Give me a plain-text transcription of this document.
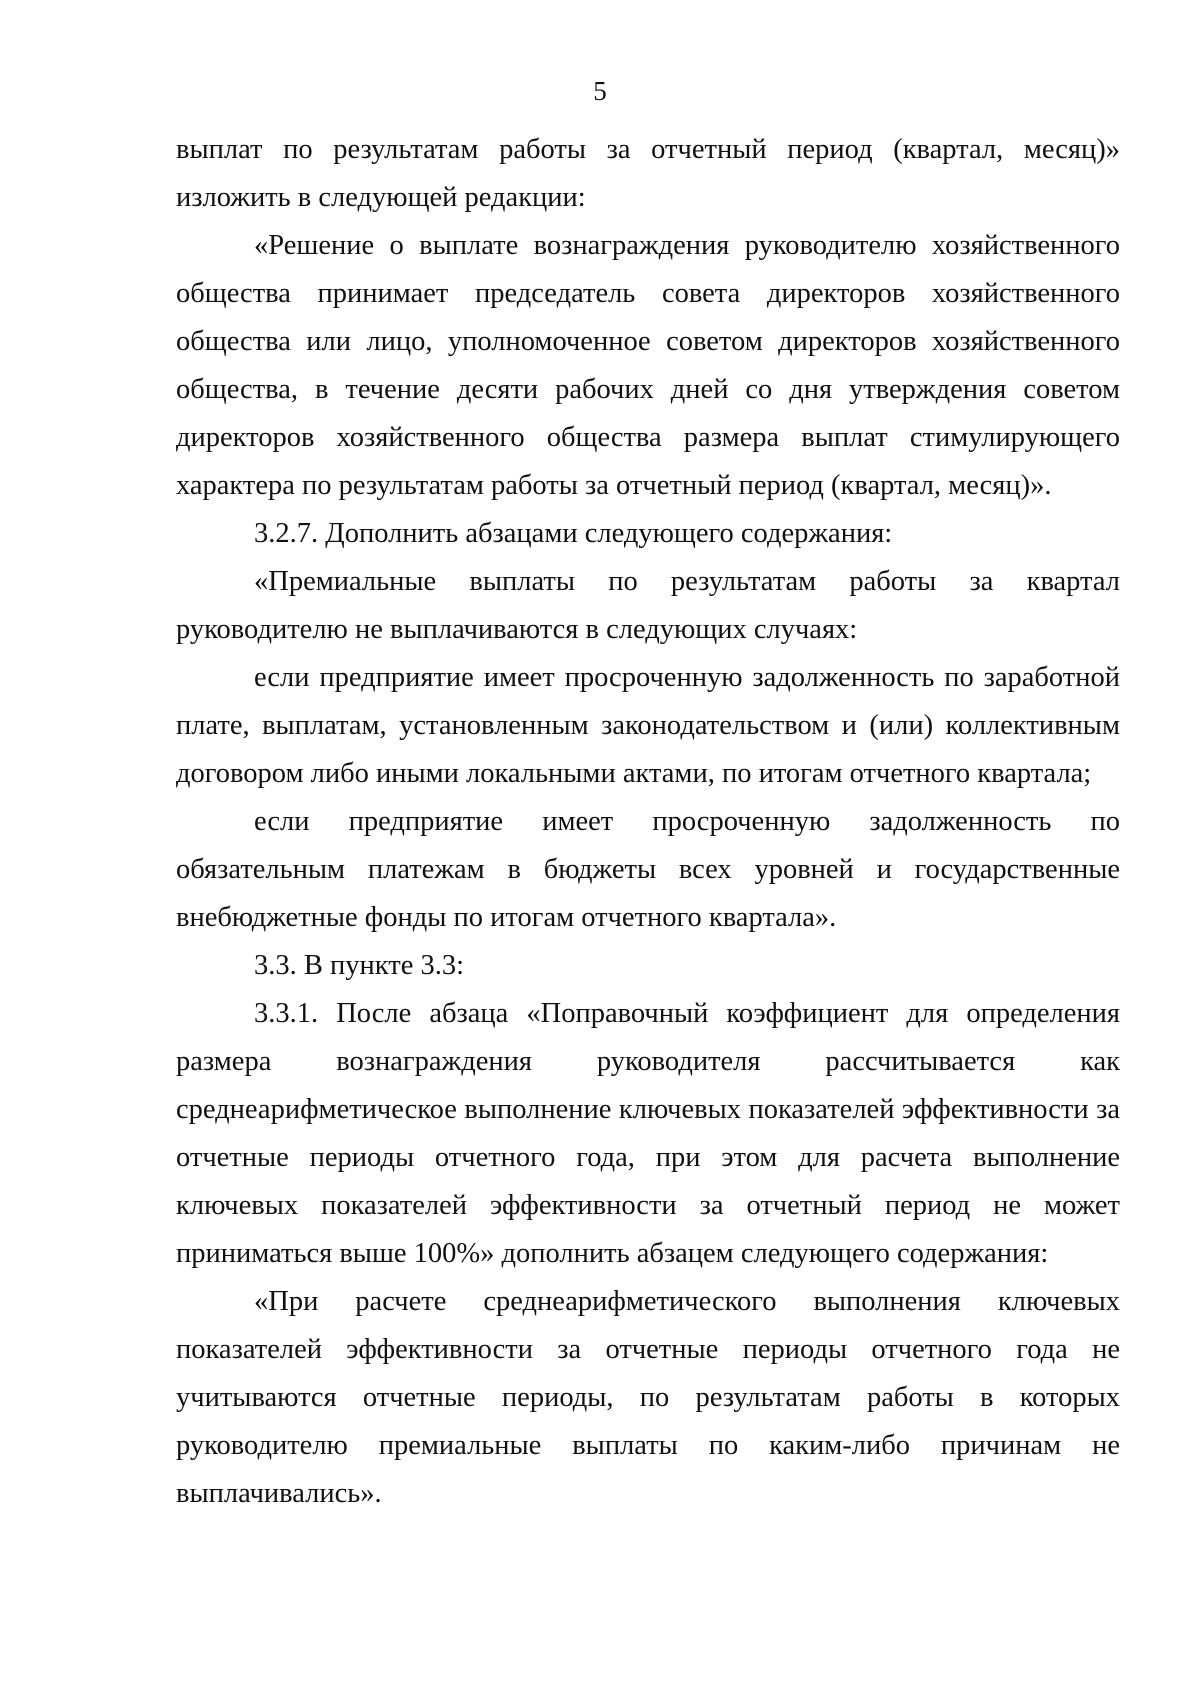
5

выплат по результатам работы за отчетный период (квартал, месяц)» изложить в следующей редакции:

«Решение о выплате вознаграждения руководителю хозяйственного общества принимает председатель совета директоров хозяйственного общества или лицо, уполномоченное советом директоров хозяйственного общества, в течение десяти рабочих дней со дня утверждения советом директоров хозяйственного общества размера выплат стимулирующего характера по результатам работы за отчетный период (квартал, месяц)».

3.2.7. Дополнить абзацами следующего содержания:

«Премиальные выплаты по результатам работы за квартал руководителю не выплачиваются в следующих случаях:

если предприятие имеет просроченную задолженность по заработной плате, выплатам, установленным законодательством и (или) коллективным договором либо иными локальными актами, по итогам отчетного квартала;

если предприятие имеет просроченную задолженность по обязательным платежам в бюджеты всех уровней и государственные внебюджетные фонды по итогам отчетного квартала».

3.3. В пункте 3.3:

3.3.1. После абзаца «Поправочный коэффициент для определения размера вознаграждения руководителя рассчитывается как среднеарифметическое выполнение ключевых показателей эффективности за отчетные периоды отчетного года, при этом для расчета выполнение ключевых показателей эффективности за отчетный период не может приниматься выше 100%» дополнить абзацем следующего содержания:

«При расчете среднеарифметического выполнения ключевых показателей эффективности за отчетные периоды отчетного года не учитываются отчетные периоды, по результатам работы в которых руководителю премиальные выплаты по каким-либо причинам не выплачивались».
